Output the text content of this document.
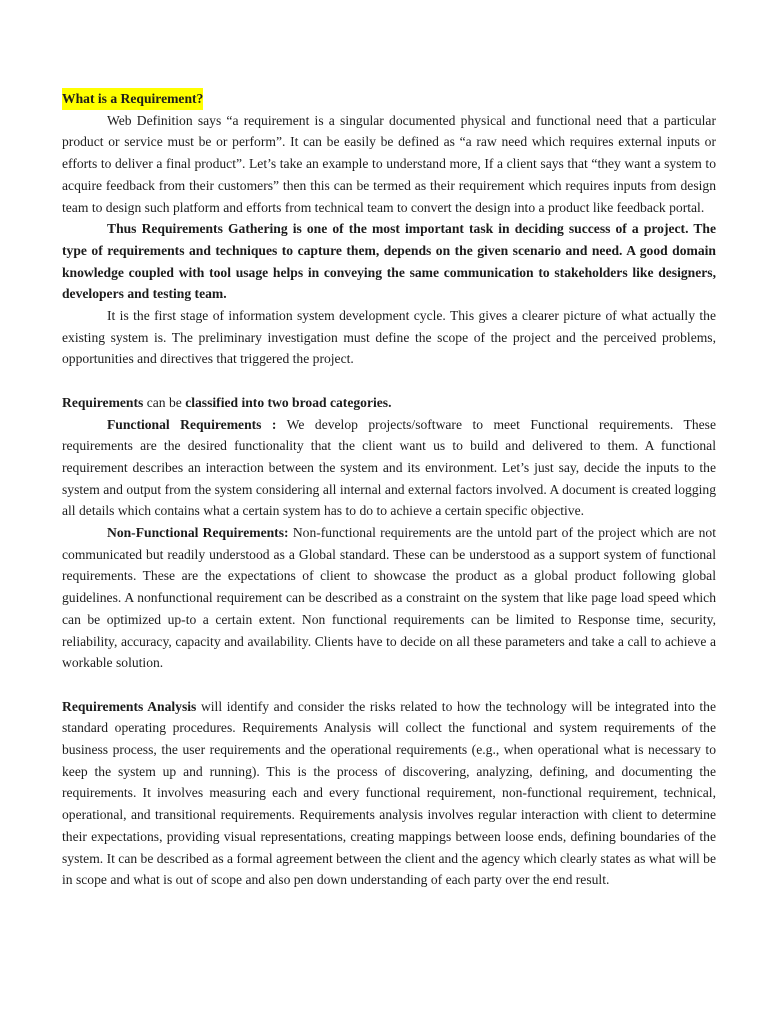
What is a Requirement?

Web Definition says “a requirement is a singular documented physical and functional need that a particular product or service must be or perform”. It can be easily be defined as “a raw need which requires external inputs or efforts to deliver a final product”. Let’s take an example to understand more, If a client says that “they want a system to acquire feedback from their customers” then this can be termed as their requirement which requires inputs from design team to design such platform and efforts from technical team to convert the design into a product like feedback portal.

Thus Requirements Gathering is one of the most important task in deciding success of a project. The type of requirements and techniques to capture them, depends on the given scenario and need. A good domain knowledge coupled with tool usage helps in conveying the same communication to stakeholders like designers, developers and testing team.

It is the first stage of information system development cycle. This gives a clearer picture of what actually the existing system is. The preliminary investigation must define the scope of the project and the perceived problems, opportunities and directives that triggered the project.

Requirements can be classified into two broad categories.

Functional Requirements : We develop projects/software to meet Functional requirements. These requirements are the desired functionality that the client want us to build and delivered to them. A functional requirement describes an interaction between the system and its environment. Let’s just say, decide the inputs to the system and output from the system considering all internal and external factors involved. A document is created logging all details which contains what a certain system has to do to achieve a certain specific objective.

Non-Functional Requirements: Non-functional requirements are the untold part of the project which are not communicated but readily understood as a Global standard. These can be understood as a support system of functional requirements. These are the expectations of client to showcase the product as a global product following global guidelines. A nonfunctional requirement can be described as a constraint on the system that like page load speed which can be optimized up-to a certain extent. Non functional requirements can be limited to Response time, security, reliability, accuracy, capacity and availability. Clients have to decide on all these parameters and take a call to achieve a workable solution.

Requirements Analysis will identify and consider the risks related to how the technology will be integrated into the standard operating procedures. Requirements Analysis will collect the functional and system requirements of the business process, the user requirements and the operational requirements (e.g., when operational what is necessary to keep the system up and running). This is the process of discovering, analyzing, defining, and documenting the requirements. It involves measuring each and every functional requirement, non-functional requirement, technical, operational, and transitional requirements. Requirements analysis involves regular interaction with client to determine their expectations, providing visual representations, creating mappings between loose ends, defining boundaries of the system. It can be described as a formal agreement between the client and the agency which clearly states as what will be in scope and what is out of scope and also pen down understanding of each party over the end result.
